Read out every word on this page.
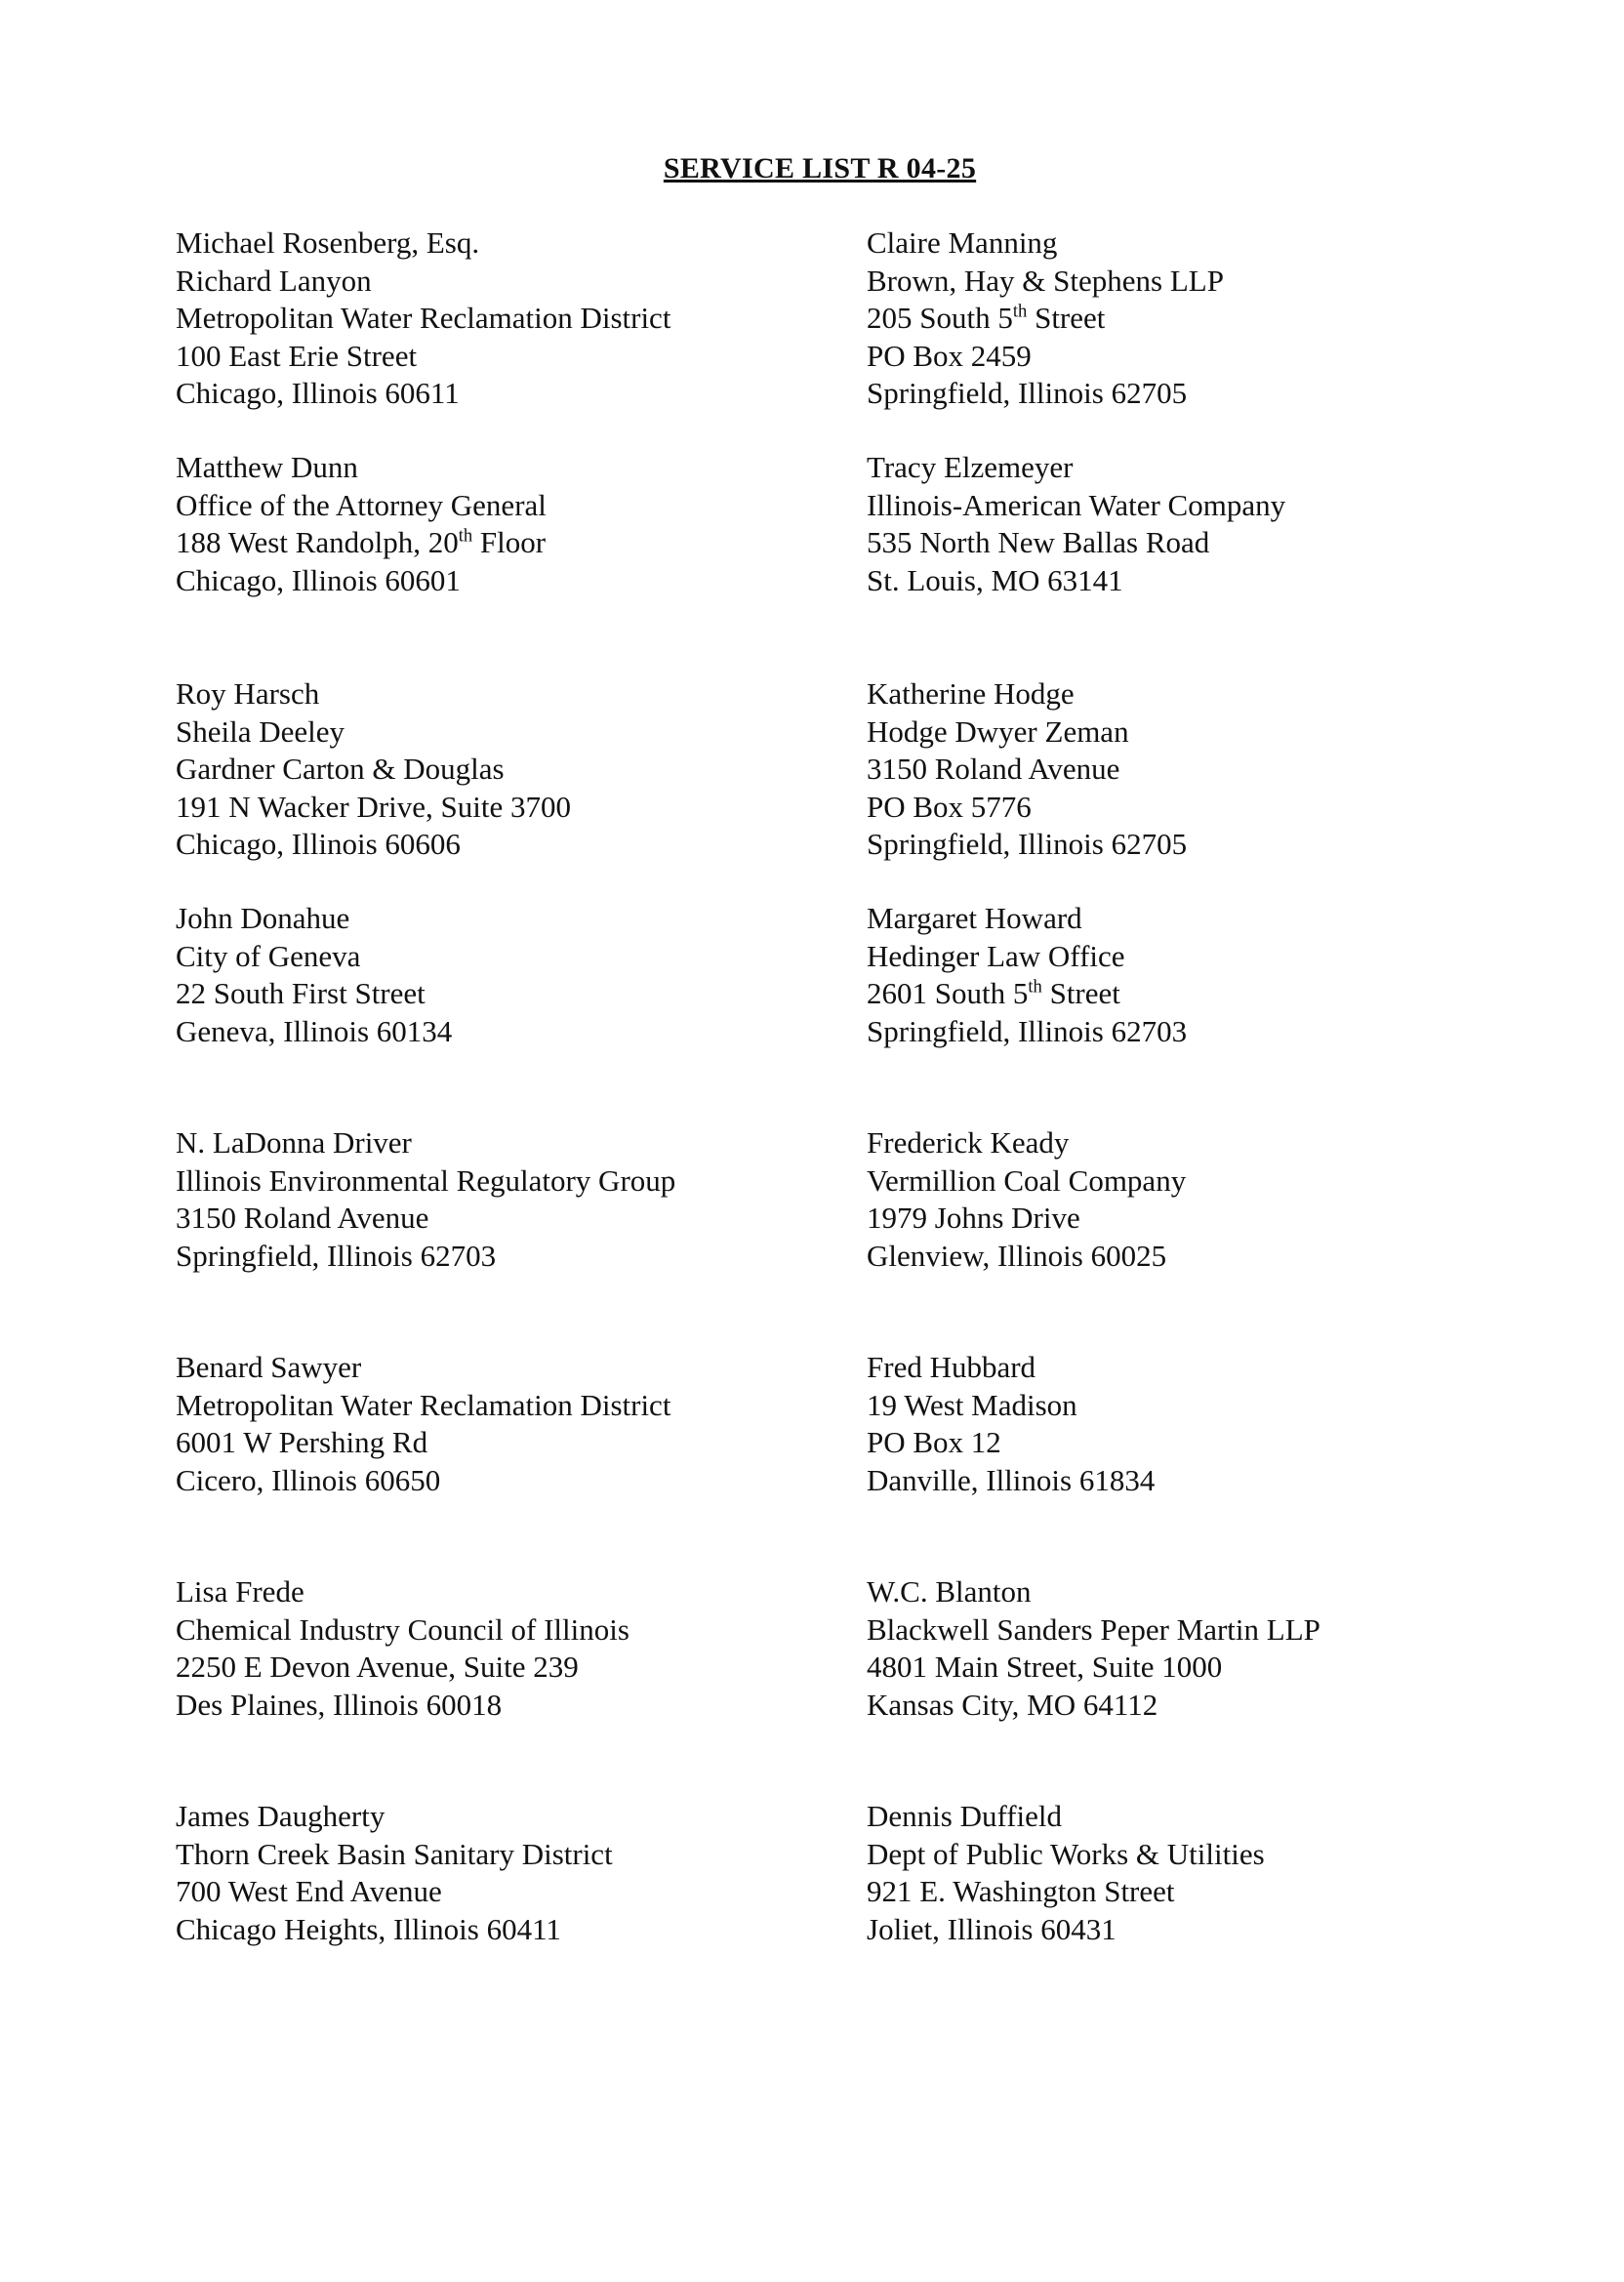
SERVICE LIST R 04-25
Michael Rosenberg, Esq.
Richard Lanyon
Metropolitan Water Reclamation District
100 East Erie Street
Chicago, Illinois 60611
Matthew Dunn
Office of the Attorney General
188 West Randolph, 20th Floor
Chicago, Illinois 60601
Roy Harsch
Sheila Deeley
Gardner Carton & Douglas
191 N Wacker Drive, Suite 3700
Chicago, Illinois 60606
John Donahue
City of Geneva
22 South First Street
Geneva, Illinois 60134
N. LaDonna Driver
Illinois Environmental Regulatory Group
3150 Roland Avenue
Springfield, Illinois 62703
Benard Sawyer
Metropolitan Water Reclamation District
6001 W Pershing Rd
Cicero, Illinois 60650
Lisa Frede
Chemical Industry Council of Illinois
2250 E Devon Avenue, Suite 239
Des Plaines, Illinois 60018
James Daugherty
Thorn Creek Basin Sanitary District
700 West End Avenue
Chicago Heights, Illinois 60411
Claire Manning
Brown, Hay & Stephens LLP
205 South 5th Street
PO Box 2459
Springfield, Illinois 62705
Tracy Elzemeyer
Illinois-American Water Company
535 North New Ballas Road
St. Louis, MO 63141
Katherine Hodge
Hodge Dwyer Zeman
3150 Roland Avenue
PO Box 5776
Springfield, Illinois 62705
Margaret Howard
Hedinger Law Office
2601 South 5th Street
Springfield, Illinois 62703
Frederick Keady
Vermillion Coal Company
1979 Johns Drive
Glenview, Illinois 60025
Fred Hubbard
19 West Madison
PO Box 12
Danville, Illinois 61834
W.C. Blanton
Blackwell Sanders Peper Martin LLP
4801 Main Street, Suite 1000
Kansas City, MO 64112
Dennis Duffield
Dept of Public Works & Utilities
921 E. Washington Street
Joliet, Illinois 60431
